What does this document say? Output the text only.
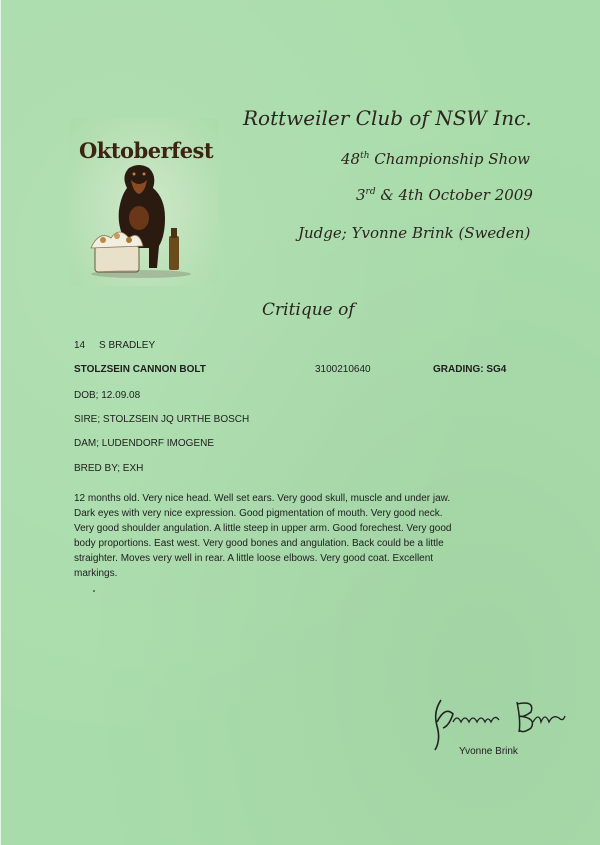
Oktoberfest
Rottweiler Club of NSW Inc.
48th Championship Show
3rd & 4th October 2009
Judge; Yvonne Brink (Sweden)
Critique of
14 S BRADLEY
STOLZSEIN CANNON BOLT	3100210640	GRADING: SG4
DOB; 12.09.08
SIRE; STOLZSEIN JQ URTHE BOSCH
DAM; LUDENDORF IMOGENE
BRED BY; EXH
12 months old. Very nice head. Well set ears. Very good skull, muscle and under jaw.
Dark eyes with very nice expression. Good pigmentation of mouth. Very good neck.
Very good shoulder angulation. A little steep in upper arm. Good forechest. Very good
body proportions. East west. Very good bones and angulation. Back could be a little
straighter. Moves very well in rear. A little loose elbows. Very good coat. Excellent
markings.
Yvonne Brink
